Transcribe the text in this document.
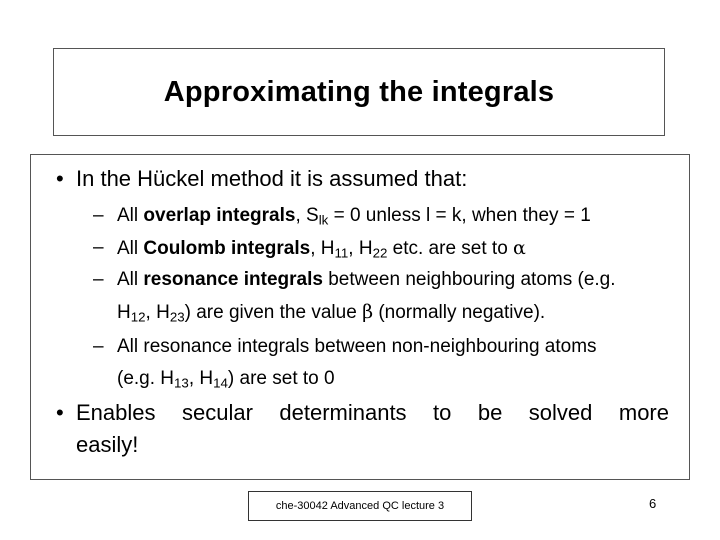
Approximating the integrals
• In the Hückel method it is assumed that:
– All overlap integrals, $S_{lk} = 0$ unless l = k, when they = 1
– All Coulomb integrals, $H_{11}$, $H_{22}$ etc. are set to α
– All resonance integrals between neighbouring atoms (e.g.
$H_{12}$, $H_{23}$) are given the value β (normally negative).
– All resonance integrals between non-neighbouring atoms
(e.g. $H_{13}$, $H_{14}$) are set to 0
• Enables secular determinants to be solved more
easily!
che-30042 Advanced QC lecture 3	6
